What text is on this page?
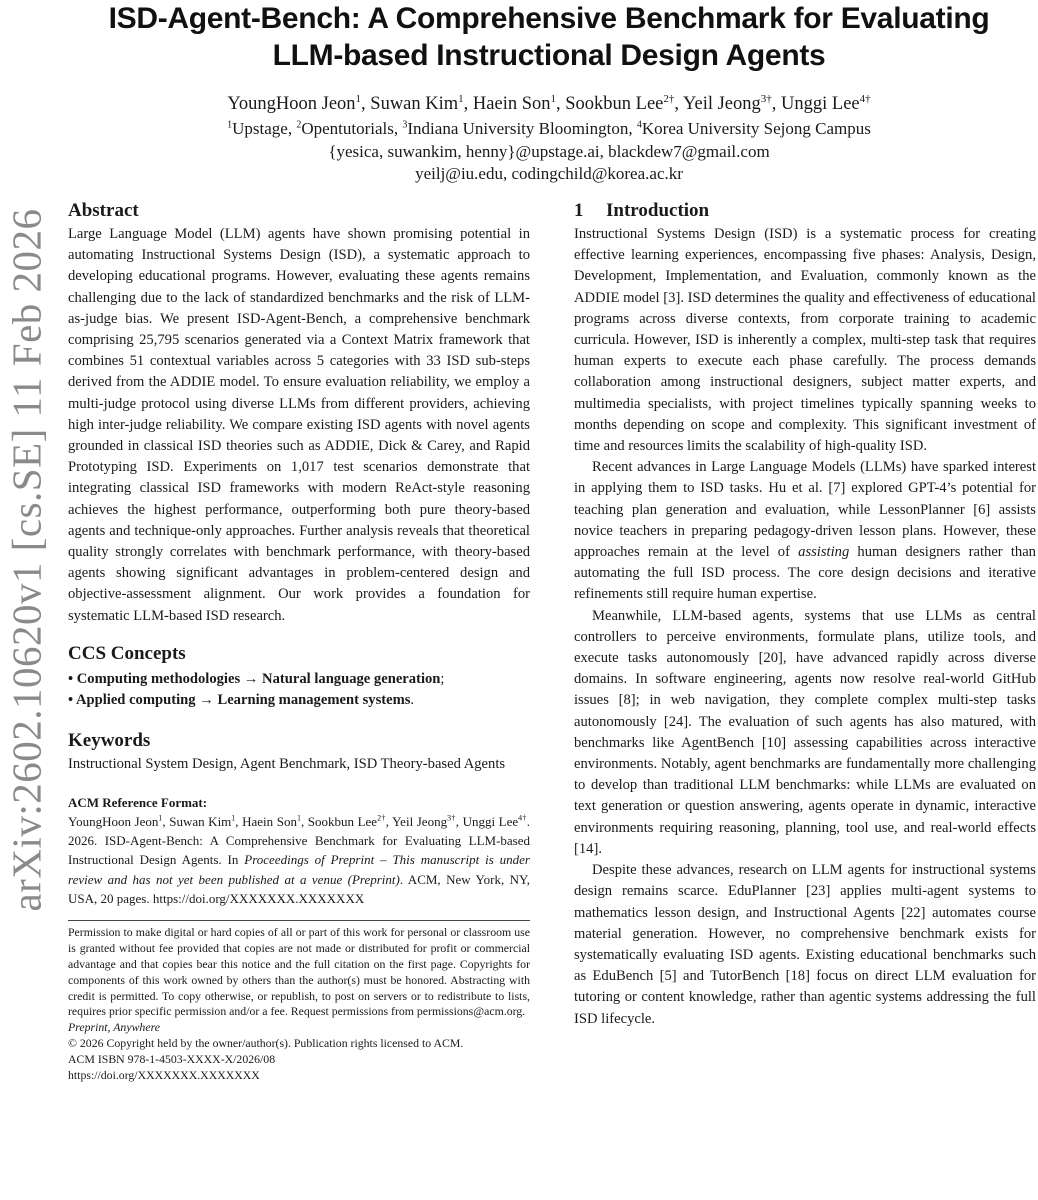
arXiv:2602.10620v1 [cs.SE] 11 Feb 2026
ISD-Agent-Bench: A Comprehensive Benchmark for Evaluating
LLM-based Instructional Design Agents
YoungHoon Jeon$^1$, Suwan Kim$^1$, Haein Son$^1$, Sookbun Lee$^{2\dagger}$, Yeil Jeong$^{3\dagger}$, Unggi Lee$^{4\dagger}$
$^1$Upstage, $^2$Opentutorials, $^3$Indiana University Bloomington, $^4$Korea University Sejong Campus
{yesica, suwankim, henny}@upstage.ai, blackdew7@gmail.com
yeilj@iu.edu, codingchild@korea.ac.kr
Abstract

Large Language Model (LLM) agents have shown promising potential in automating Instructional Systems Design (ISD), a systematic approach to developing educational programs. However, evaluating these agents remains challenging due to the lack of standardized benchmarks and the risk of LLM-as-judge bias. We present ISD-Agent-Bench, a comprehensive benchmark comprising 25,795 scenarios generated via a Context Matrix framework that combines 51 contextual variables across 5 categories with 33 ISD sub-steps derived from the ADDIE model. To ensure evaluation reliability, we employ a multi-judge protocol using diverse LLMs from different providers, achieving high inter-judge reliability. We compare existing ISD agents with novel agents grounded in classical ISD theories such as ADDIE, Dick & Carey, and Rapid Prototyping ISD. Experiments on 1,017 test scenarios demonstrate that integrating classical ISD frameworks with modern ReAct-style reasoning achieves the highest performance, outperforming both pure theory-based agents and technique-only approaches. Further analysis reveals that theoretical quality strongly correlates with benchmark performance, with theory-based agents showing significant advantages in problem-centered design and objective-assessment alignment. Our work provides a foundation for systematic LLM-based ISD research.

CCS Concepts
• Computing methodologies → Natural language generation;
• Applied computing → Learning management systems.
Keywords

Instructional System Design, Agent Benchmark, ISD Theory-based Agents

ACM Reference Format:

YoungHoon Jeon$^1$, Suwan Kim$^1$, Haein Son$^1$, Sookbun Lee$^{2\dagger}$, Yeil Jeong$^{3\dagger}$, Unggi Lee$^{4\dagger}$. 2026. ISD-Agent-Bench: A Comprehensive Benchmark for Evaluating LLM-based Instructional Design Agents. In Proceedings of Preprint – This manuscript is under review and has not yet been published at a venue (Preprint). ACM, New York, NY, USA, 20 pages. https://doi.org/XXXXXXX.XXXXXXX

Permission to make digital or hard copies of all or part of this work for personal or classroom use is granted without fee provided that copies are not made or distributed for profit or commercial advantage and that copies bear this notice and the full citation on the first page. Copyrights for components of this work owned by others than the author(s) must be honored. Abstracting with credit is permitted. To copy otherwise, or republish, to post on servers or to redistribute to lists, requires prior specific permission and/or a fee. Request permissions from permissions@acm.org.

Preprint, Anywhere

© 2026 Copyright held by the owner/author(s). Publication rights licensed to ACM.

ACM ISBN 978-1-4503-XXXX-X/2026/08

https://doi.org/XXXXXXX.XXXXXXX

1 Introduction

Instructional Systems Design (ISD) is a systematic process for creating effective learning experiences, encompassing five phases: Analysis, Design, Development, Implementation, and Evaluation, commonly known as the ADDIE model [3]. ISD determines the quality and effectiveness of educational programs across diverse contexts, from corporate training to academic curricula. However, ISD is inherently a complex, multi-step task that requires human experts to execute each phase carefully. The process demands collaboration among instructional designers, subject matter experts, and multimedia specialists, with project timelines typically spanning weeks to months depending on scope and complexity. This significant investment of time and resources limits the scalability of high-quality ISD.

Recent advances in Large Language Models (LLMs) have sparked interest in applying them to ISD tasks. Hu et al. [7] explored GPT-4’s potential for teaching plan generation and evaluation, while LessonPlanner [6] assists novice teachers in preparing pedagogy-driven lesson plans. However, these approaches remain at the level of assisting human designers rather than automating the full ISD process. The core design decisions and iterative refinements still require human expertise.

Meanwhile, LLM-based agents, systems that use LLMs as central controllers to perceive environments, formulate plans, utilize tools, and execute tasks autonomously [20], have advanced rapidly across diverse domains. In software engineering, agents now resolve real-world GitHub issues [8]; in web navigation, they complete complex multi-step tasks autonomously [24]. The evaluation of such agents has also matured, with benchmarks like AgentBench [10] assessing capabilities across interactive environments. Notably, agent benchmarks are fundamentally more challenging to develop than traditional LLM benchmarks: while LLMs are evaluated on text generation or question answering, agents operate in dynamic, interactive environments requiring reasoning, planning, tool use, and real-world effects [14].

Despite these advances, research on LLM agents for instructional systems design remains scarce. EduPlanner [23] applies multi-agent systems to mathematics lesson design, and Instructional Agents [22] automates course material generation. However, no comprehensive benchmark exists for systematically evaluating ISD agents. Existing educational benchmarks such as EduBench [5] and TutorBench [18] focus on direct LLM evaluation for tutoring or content knowledge, rather than agentic systems addressing the full ISD lifecycle.
